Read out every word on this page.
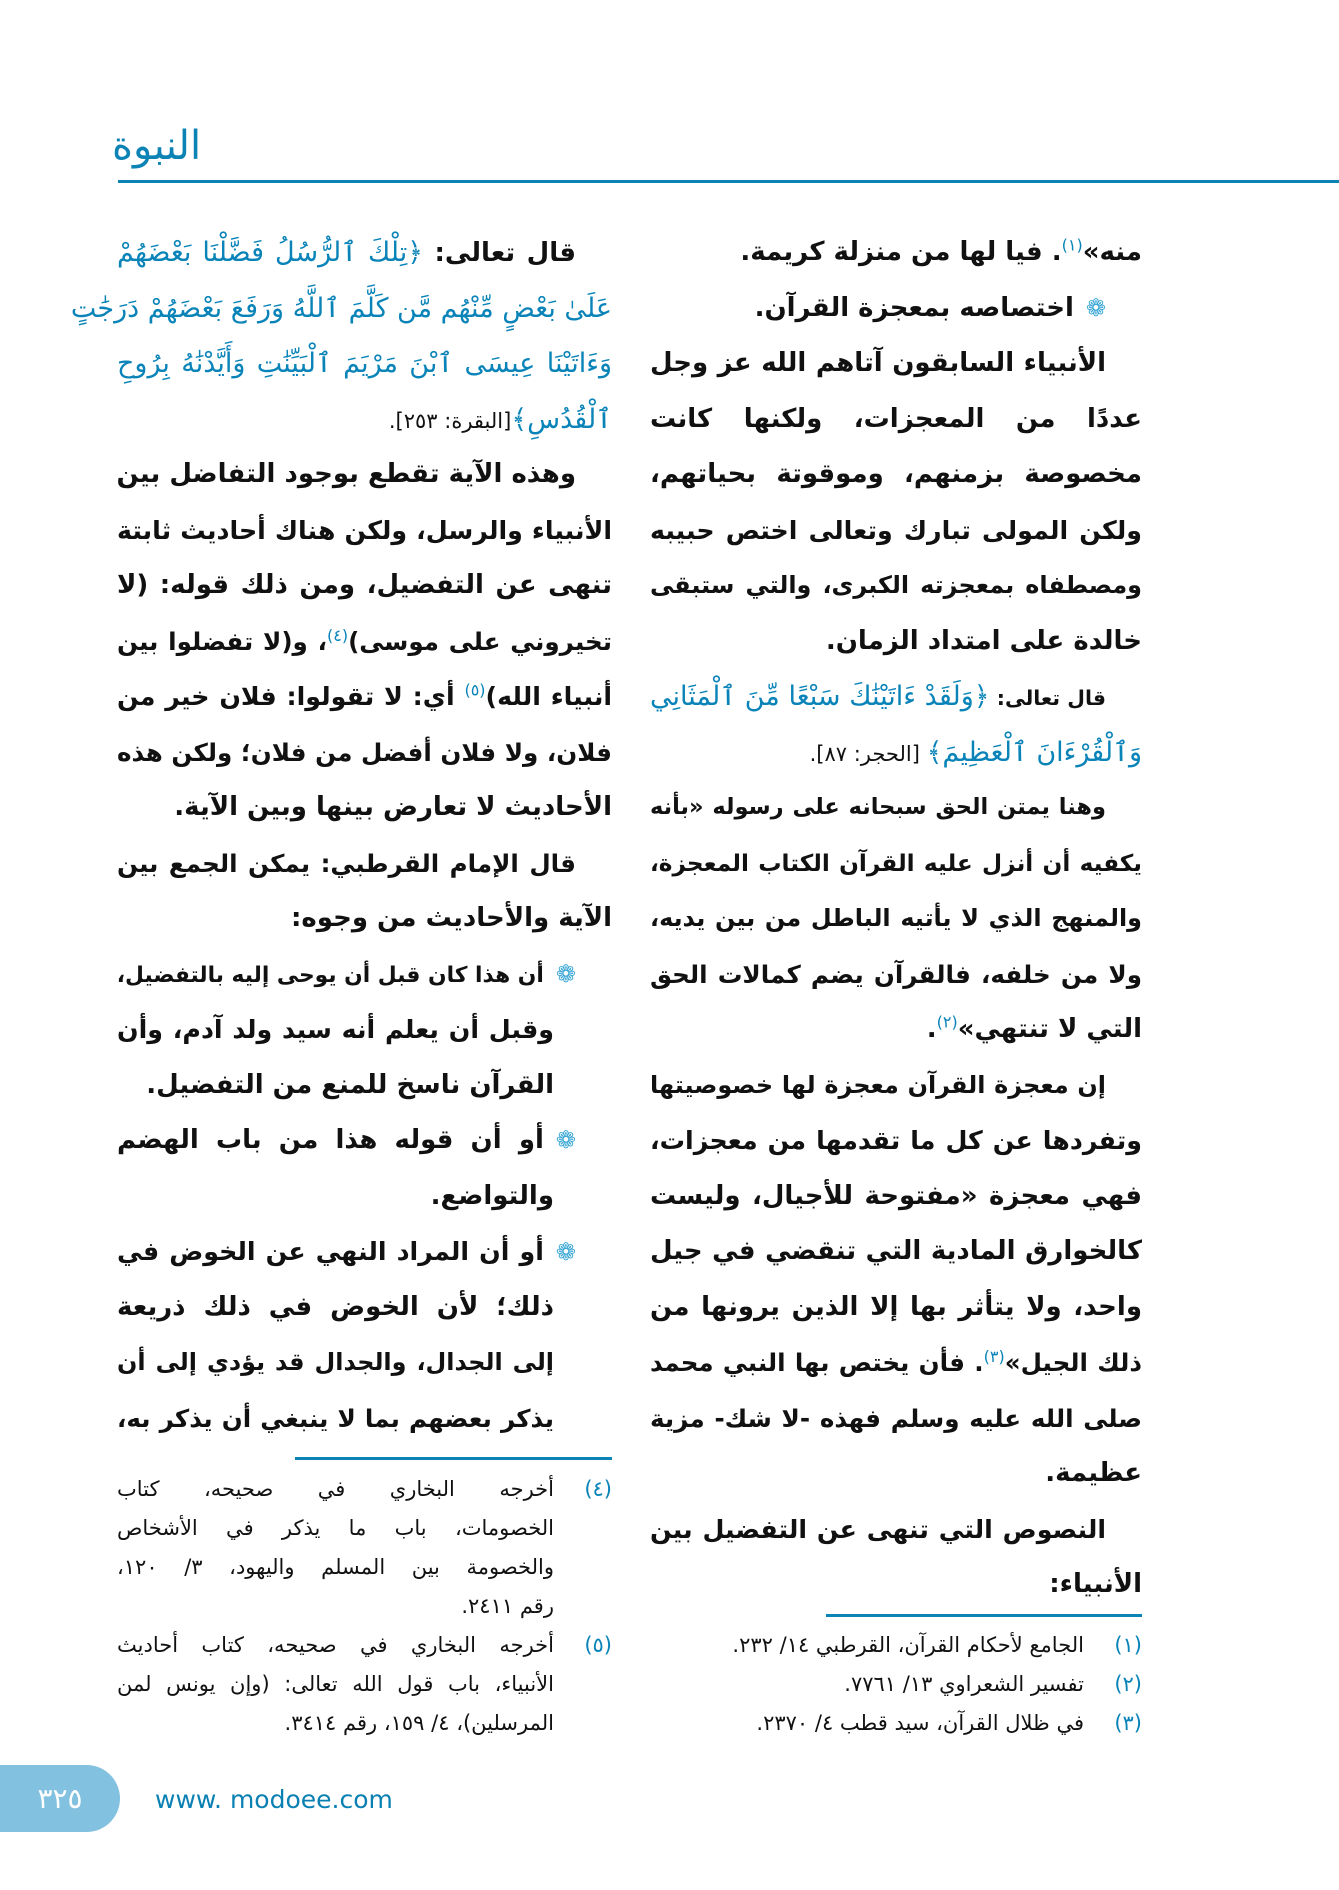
النبوة
منه»$^{(١)}$. فيا لها من منزلة كريمة.
❁اختصاصه بمعجزة القرآن.
الأنبياء السابقون آتاهم الله عز وجل
عددًا من المعجزات، ولكنها كانت
مخصوصة بزمنهم، وموقوتة بحياتهم،
ولكن المولى تبارك وتعالى اختص حبيبه
ومصطفاه بمعجزته الكبرى، والتي ستبقى
خالدة على امتداد الزمان.
قال تعالى: ﴿وَلَقَدْ ءَاتَيْنَٰكَ سَبْعًا مِّنَ ٱلْمَثَانِي
وَٱلْقُرْءَانَ ٱلْعَظِيمَ﴾ [الحجر: ٨٧].
وهنا يمتن الحق سبحانه على رسوله «بأنه
يكفيه أن أنزل عليه القرآن الكتاب المعجزة،
والمنهج الذي لا يأتيه الباطل من بين يديه،
ولا من خلفه، فالقرآن يضم كمالات الحق
التي لا تنتهي»$^{(٢)}$.
إن معجزة القرآن معجزة لها خصوصيتها
وتفردها عن كل ما تقدمها من معجزات،
فهي معجزة «مفتوحة للأجيال، وليست
كالخوارق المادية التي تنقضي في جيل
واحد، ولا يتأثر بها إلا الذين يرونها من
ذلك الجيل»$^{(٣)}$. فأن يختص بها النبي محمد
صلى الله عليه وسلم فهذه -لا شك- مزية
عظيمة.
النصوص التي تنهى عن التفضيل بين
الأنبياء:
قال تعالى: ﴿تِلْكَ ٱلرُّسُلُ فَضَّلْنَا بَعْضَهُمْ
عَلَىٰ بَعْضٍ مِّنْهُم مَّن كَلَّمَ ٱللَّهُ وَرَفَعَ بَعْضَهُمْ دَرَجَٰتٍ
وَءَاتَيْنَا عِيسَى ٱبْنَ مَرْيَمَ ٱلْبَيِّنَٰتِ وَأَيَّدْنَٰهُ بِرُوحِ
ٱلْقُدُسِ﴾[البقرة: ٢٥٣].
وهذه الآية تقطع بوجود التفاضل بين
الأنبياء والرسل، ولكن هناك أحاديث ثابتة
تنهى عن التفضيل، ومن ذلك قوله: (لا
تخيروني على موسى)$^{(٤)}$، و(لا تفضلوا بين
أنبياء الله)$^{(٥)}$ أي: لا تقولوا: فلان خير من
فلان، ولا فلان أفضل من فلان؛ ولكن هذه
الأحاديث لا تعارض بينها وبين الآية.
قال الإمام القرطبي: يمكن الجمع بين
الآية والأحاديث من وجوه:
❁أن هذا كان قبل أن يوحى إليه بالتفضيل،
وقبل أن يعلم أنه سيد ولد آدم، وأن
القرآن ناسخ للمنع من التفضيل.
❁أو أن قوله هذا من باب الهضم
والتواضع.
❁أو أن المراد النهي عن الخوض في
ذلك؛ لأن الخوض في ذلك ذريعة
إلى الجدال، والجدال قد يؤدي إلى أن
يذكر بعضهم بما لا ينبغي أن يذكر به،
(١)
الجامع لأحكام القرآن، القرطبي ١٤/ ٢٣٢.
(٢)
تفسير الشعراوي ١٣/ ٧٧٦١.
(٣)
في ظلال القرآن، سيد قطب ٤/ ٢٣٧٠.
(٤)
أخرجه البخاري في صحيحه، كتاب
الخصومات، باب ما يذكر في الأشخاص
والخصومة بين المسلم واليهود، ٣/ ١٢٠،
رقم ٢٤١١.
(٥)
أخرجه البخاري في صحيحه، كتاب أحاديث
الأنبياء، باب قول الله تعالى: (وإن يونس لمن
المرسلين)، ٤/ ١٥٩، رقم ٣٤١٤.
٣٢٥	www. modoee.com
